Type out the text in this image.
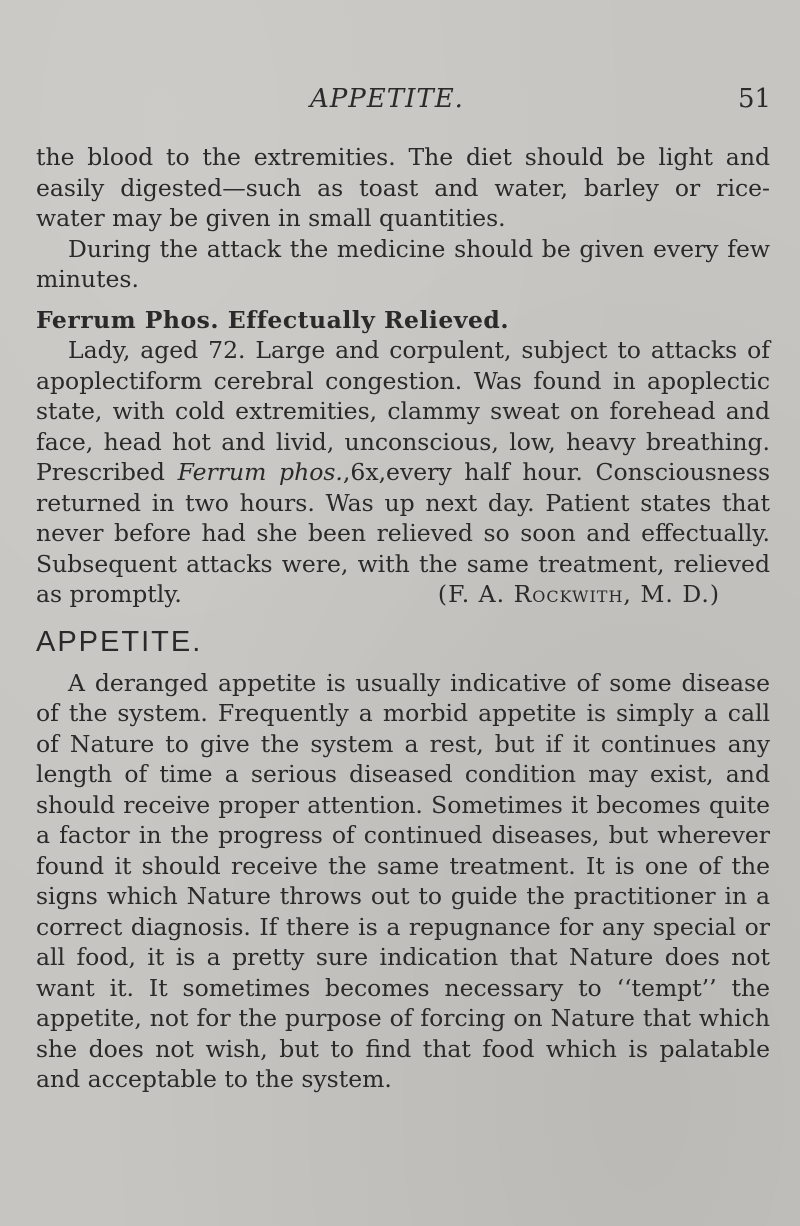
APPETITE.	51

the blood to the extremities. The diet should be light and easily digested—such as toast and water, barley or rice-water may be given in small quantities.

During the attack the medicine should be given every few minutes.

Ferrum Phos. Effectually Relieved.

Lady, aged 72. Large and corpulent, subject to attacks of apoplectiform cerebral congestion. Was found in apoplectic state, with cold extremities, clammy sweat on forehead and face, head hot and livid, unconscious, low, heavy breathing. Prescribed Ferrum phos.,6x,every half hour. Consciousness returned in two hours. Was up next day. Patient states that never before had she been relieved so soon and effectually. Subsequent attacks were, with the same treatment, relieved as promptly.	(F. A. Rockwith, M. D.)

APPETITE.

A deranged appetite is usually indicative of some disease of the system. Frequently a morbid appetite is simply a call of Nature to give the system a rest, but if it continues any length of time a serious diseased condition may exist, and should receive proper attention. Sometimes it becomes quite a factor in the progress of continued diseases, but wherever found it should receive the same treatment. It is one of the signs which Nature throws out to guide the practitioner in a correct diagnosis. If there is a repugnance for any special or all food, it is a pretty sure indication that Nature does not want it. It sometimes becomes necessary to ‘‘tempt’’ the appetite, not for the purpose of forcing on Nature that which she does not wish, but to find that food which is palatable and acceptable to the system.
